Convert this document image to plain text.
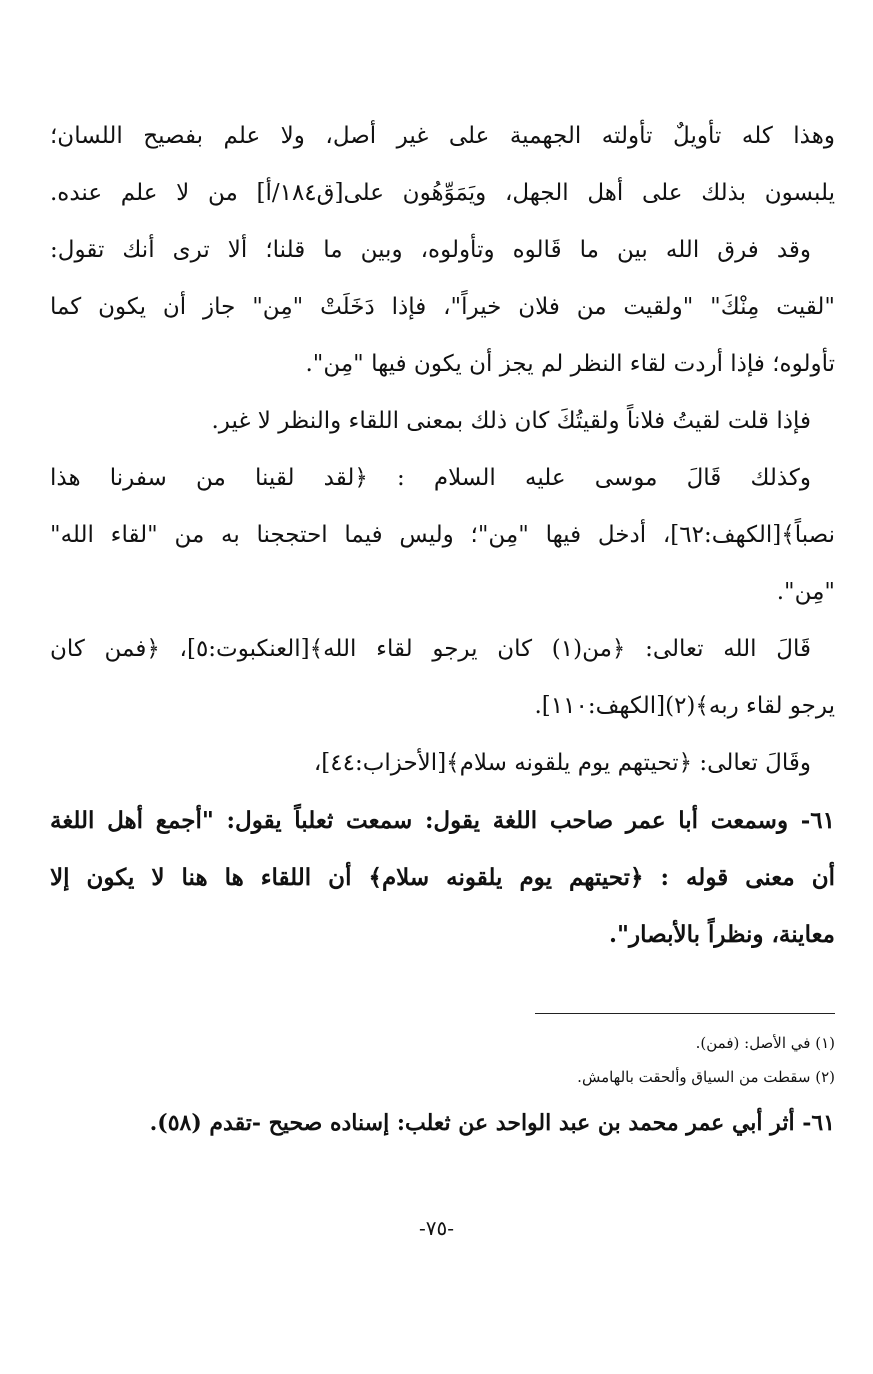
وهذا كله تأويلٌ تأولته الجهمية على غير أصل، ولا علم بفصيح اللسان؛
يلبسون بذلك على أهل الجهل، ويَمَوِّهُون على[ق١٨٤/أ] من لا علم عنده.
وقد فرق الله بين ما قَالوه وتأولوه، وبين ما قلنا؛ ألا ترى أنك تقول:
"لقيت مِنْكَ" "ولقيت من فلان خيراً"، فإذا دَخَلَتْ "مِن" جاز أن يكون كما
تأولوه؛ فإذا أردت لقاء النظر لم يجز أن يكون فيها "مِن".
فإذا قلت لقيتُ فلاناً ولقيتُكَ كان ذلك بمعنى اللقاء والنظر لا غير.
وكذلك قَالَ موسى عليه السلام : ﴿لقد لقينا من سفرنا هذا
نصباً﴾[الكهف:٦٢]، أدخل فيها "مِن"؛ وليس فيما احتججنا به من "لقاء الله"
"مِن".
قَالَ الله تعالى: ﴿من(١) كان يرجو لقاء الله﴾[العنكبوت:٥]، ﴿فمن كان
يرجو لقاء ربه﴾(٢)[الكهف:١١٠].
وقَالَ تعالى: ﴿تحيتهم يوم يلقونه سلام﴾[الأحزاب:٤٤]،
٦١- وسمعت أبا عمر صاحب اللغة يقول: سمعت ثعلباً يقول: "أجمع أهل اللغة
أن معنى قوله : ﴿تحيتهم يوم يلقونه سلام﴾ أن اللقاء ها هنا لا يكون إلا
معاينة، ونظراً بالأبصار".
(١) في الأصل: (فمن).
(٢) سقطت من السياق وألحقت بالهامش.
٦١- أثر أبي عمر محمد بن عبد الواحد عن ثعلب: إسناده صحيح -تقدم (٥٨).
-٧٥-
